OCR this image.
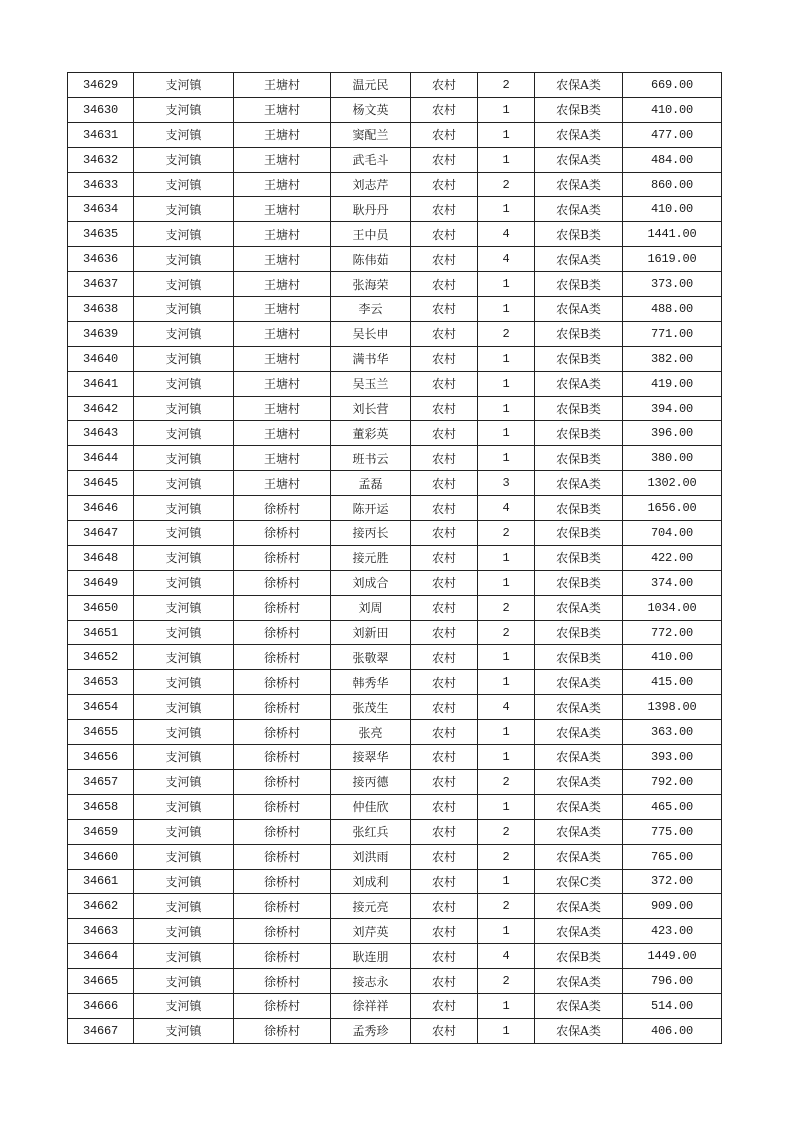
34629	支河镇	王塘村	温元民	农村	2	农保A类	669.00
34630	支河镇	王塘村	杨文英	农村	1	农保B类	410.00
34631	支河镇	王塘村	窦配兰	农村	1	农保A类	477.00
34632	支河镇	王塘村	武毛斗	农村	1	农保A类	484.00
34633	支河镇	王塘村	刘志芹	农村	2	农保A类	860.00
34634	支河镇	王塘村	耿丹丹	农村	1	农保A类	410.00
34635	支河镇	王塘村	王中员	农村	4	农保B类	1441.00
34636	支河镇	王塘村	陈伟茹	农村	4	农保A类	1619.00
34637	支河镇	王塘村	张海荣	农村	1	农保B类	373.00
34638	支河镇	王塘村	李云	农村	1	农保A类	488.00
34639	支河镇	王塘村	吴长申	农村	2	农保B类	771.00
34640	支河镇	王塘村	满书华	农村	1	农保B类	382.00
34641	支河镇	王塘村	吴玉兰	农村	1	农保A类	419.00
34642	支河镇	王塘村	刘长营	农村	1	农保B类	394.00
34643	支河镇	王塘村	董彩英	农村	1	农保B类	396.00
34644	支河镇	王塘村	班书云	农村	1	农保B类	380.00
34645	支河镇	王塘村	孟磊	农村	3	农保A类	1302.00
34646	支河镇	徐桥村	陈开运	农村	4	农保B类	1656.00
34647	支河镇	徐桥村	接丙长	农村	2	农保B类	704.00
34648	支河镇	徐桥村	接元胜	农村	1	农保B类	422.00
34649	支河镇	徐桥村	刘成合	农村	1	农保B类	374.00
34650	支河镇	徐桥村	刘周	农村	2	农保A类	1034.00
34651	支河镇	徐桥村	刘新田	农村	2	农保B类	772.00
34652	支河镇	徐桥村	张敬翠	农村	1	农保B类	410.00
34653	支河镇	徐桥村	韩秀华	农村	1	农保A类	415.00
34654	支河镇	徐桥村	张茂生	农村	4	农保A类	1398.00
34655	支河镇	徐桥村	张亮	农村	1	农保A类	363.00
34656	支河镇	徐桥村	接翠华	农村	1	农保A类	393.00
34657	支河镇	徐桥村	接丙德	农村	2	农保A类	792.00
34658	支河镇	徐桥村	仲佳欣	农村	1	农保A类	465.00
34659	支河镇	徐桥村	张红兵	农村	2	农保A类	775.00
34660	支河镇	徐桥村	刘洪雨	农村	2	农保A类	765.00
34661	支河镇	徐桥村	刘成利	农村	1	农保C类	372.00
34662	支河镇	徐桥村	接元亮	农村	2	农保A类	909.00
34663	支河镇	徐桥村	刘芹英	农村	1	农保A类	423.00
34664	支河镇	徐桥村	耿连朋	农村	4	农保B类	1449.00
34665	支河镇	徐桥村	接志永	农村	2	农保A类	796.00
34666	支河镇	徐桥村	徐祥祥	农村	1	农保A类	514.00
34667	支河镇	徐桥村	孟秀珍	农村	1	农保A类	406.00
